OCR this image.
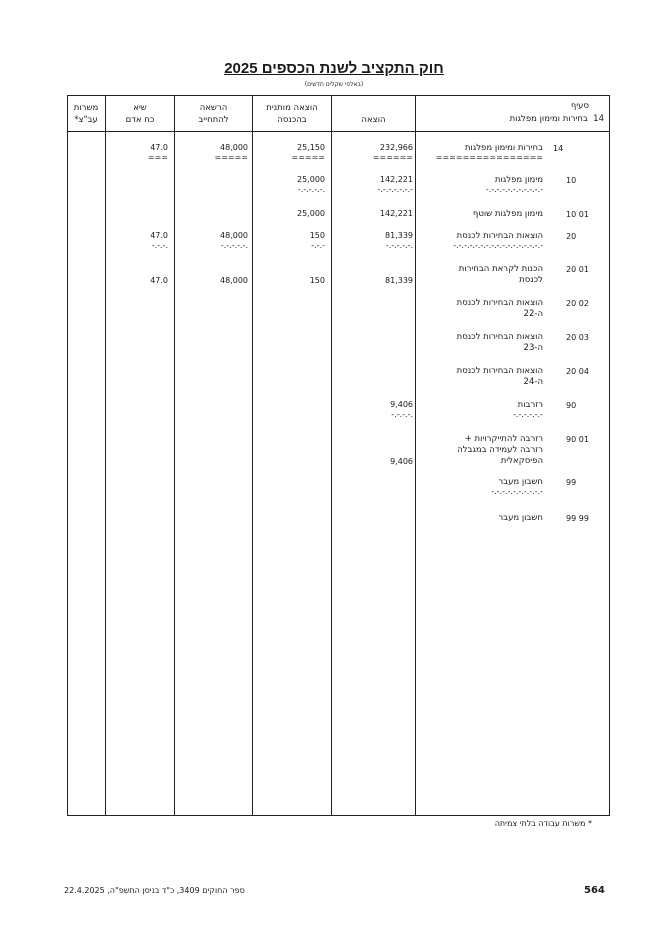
חוק התקציב לשנת הכספים 2025
(באלפי שקלים חדשים)
סעיף
14  בחירות ומימון מפלגות
הוצאה
הוצאה מותנית
בהכנסה
הרשאה
להתחייב
שיא
כח אדם
משרות
עב"צ*
14
בחירות ומימון מפלגות
================
232,966
======
25,150
=====
48,000
=====
47.0
===
10
מימון מפלגות
-.-.-.-.-.-.-.-.-.-.-
142,221
-.-.-.-.-.-.-
25,000
-.-.-.-.-.
10 01
מימון מפלגות שוטף
142,221
25,000
20
הוצאות הבחירות לכנסת
-.-.-.-.-.-.-.-.-.-.-.-.-.-.-.-.-
81,339
-.-.-.-.-.
150
-.-.-
48,000
-.-.-.-.-.
47.0
-.-.-.
20 01
הכנות לקראת הבחירות
לכנסת
81,339
150
48,000
47.0
20 02
הוצאות הבחירות לכנסת
ה-22
20 03
הוצאות הבחירות לכנסת
ה-23
20 04
הוצאות הבחירות לכנסת
ה-24
90
רזרבות
-.-.-.-.-.-
9,406
-.-.-.-.
90 01
רזרבה להתייקרויות +
רזרבה לעמידה במגבלה
הפיסקאלית
9,406
99
חשבון מעבר
-.-.-.-.-.-.-.-.-.-
99 99
חשבון מעבר
* משרות עבודה בלתי צמיתה
564
ספר החוקים 3409, כ"ד בניסן התשפ"ה, 22.4.2025
